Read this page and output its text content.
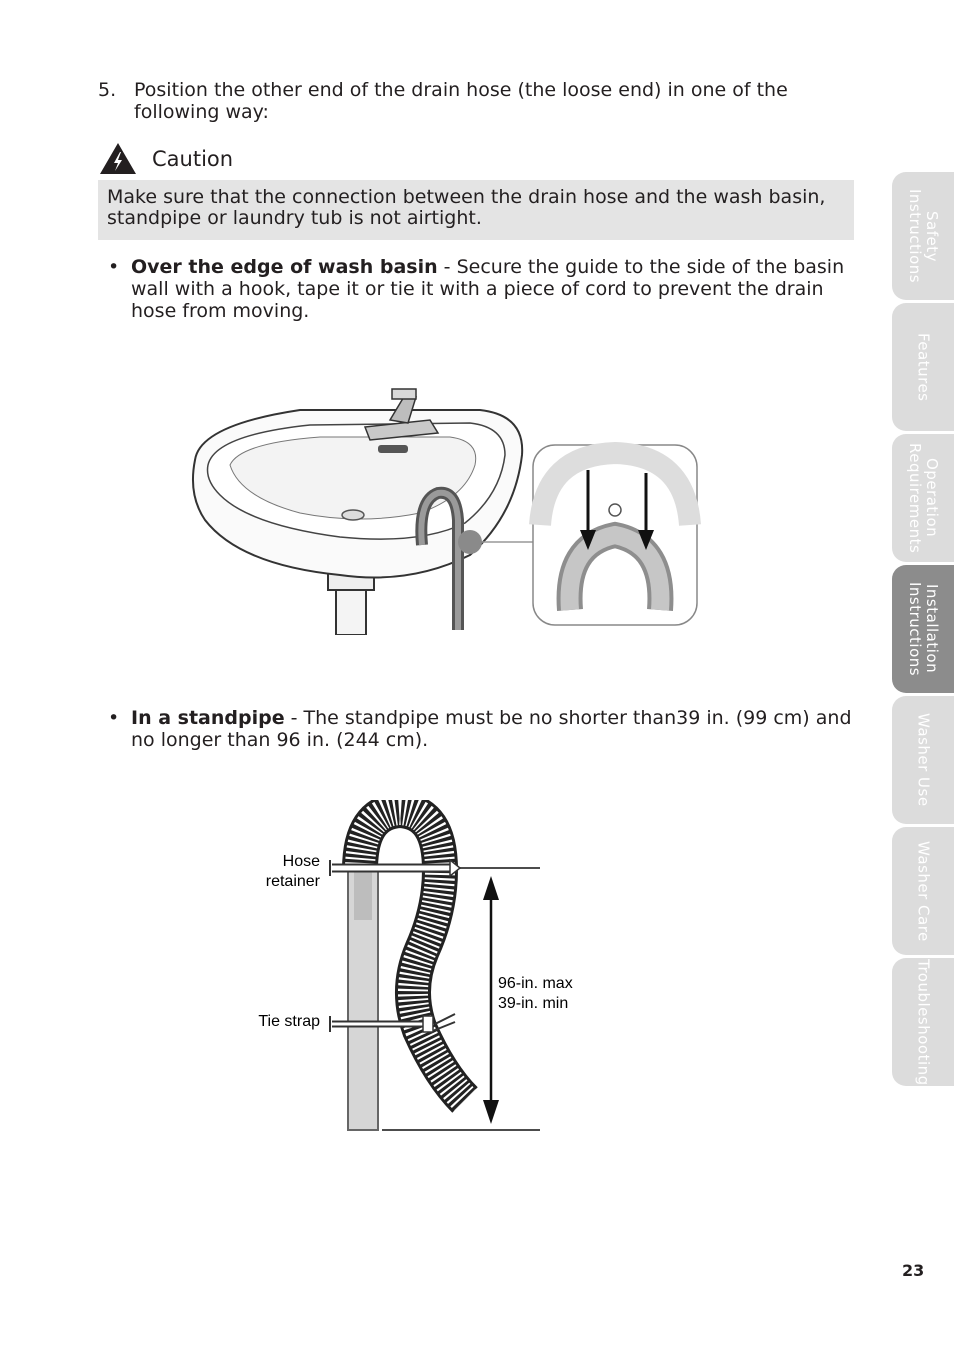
5. Position the other end of the drain hose (the loose end) in one of the following way:
Caution
Make sure that the connection between the drain hose and the wash basin, standpipe or laundry tub is not airtight.
• Over the edge of wash basin - Secure the guide to the side of the basin wall with a hook, tape it or tie it with a piece of cord to prevent the drain hose from moving.
• In a standpipe - The standpipe must be no shorter than39 in. (99 cm) and no longer than 96 in. (244 cm).
Hose
retainer
Tie strap
96-in. max
39-in. min
Safety
Instructions
Features
Operation
Requirements
Installation
Instructions
Washer Use
Washer Care
Troubleshooting
23
